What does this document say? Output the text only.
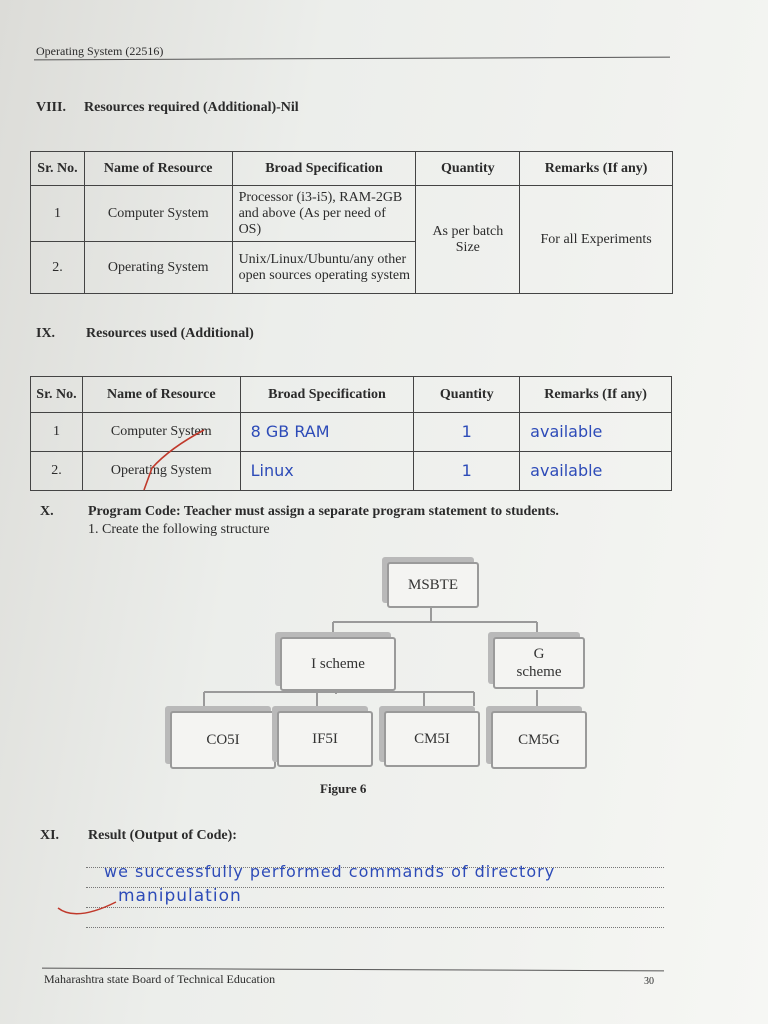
Operating System (22516)
VIII. Resources required (Additional)-Nil
Sr. No.	Name of Resource	Broad Specification	Quantity	Remarks (If any)
1	Computer System	Processor (i3-i5), RAM-2GB and above (As per need of OS)	As per batch Size	For all Experiments
2.	Operating System	Unix/Linux/Ubuntu/any other open sources operating system		
IX. Resources used (Additional)
Sr. No.	Name of Resource	Broad Specification	Quantity	Remarks (If any)
1	Computer System	8 GB RAM	1	available
2.	Operating System	Linux	1	available
X. Program Code: Teacher must assign a separate program statement to students.
1. Create the following structure
MSBTE
I scheme
G scheme
CO5I	IF5I	CM5I	CM5G
Figure 6
XI. Result (Output of Code):
we successfully performed commands of directory
manipulation
Maharashtra state Board of Technical Education	30
